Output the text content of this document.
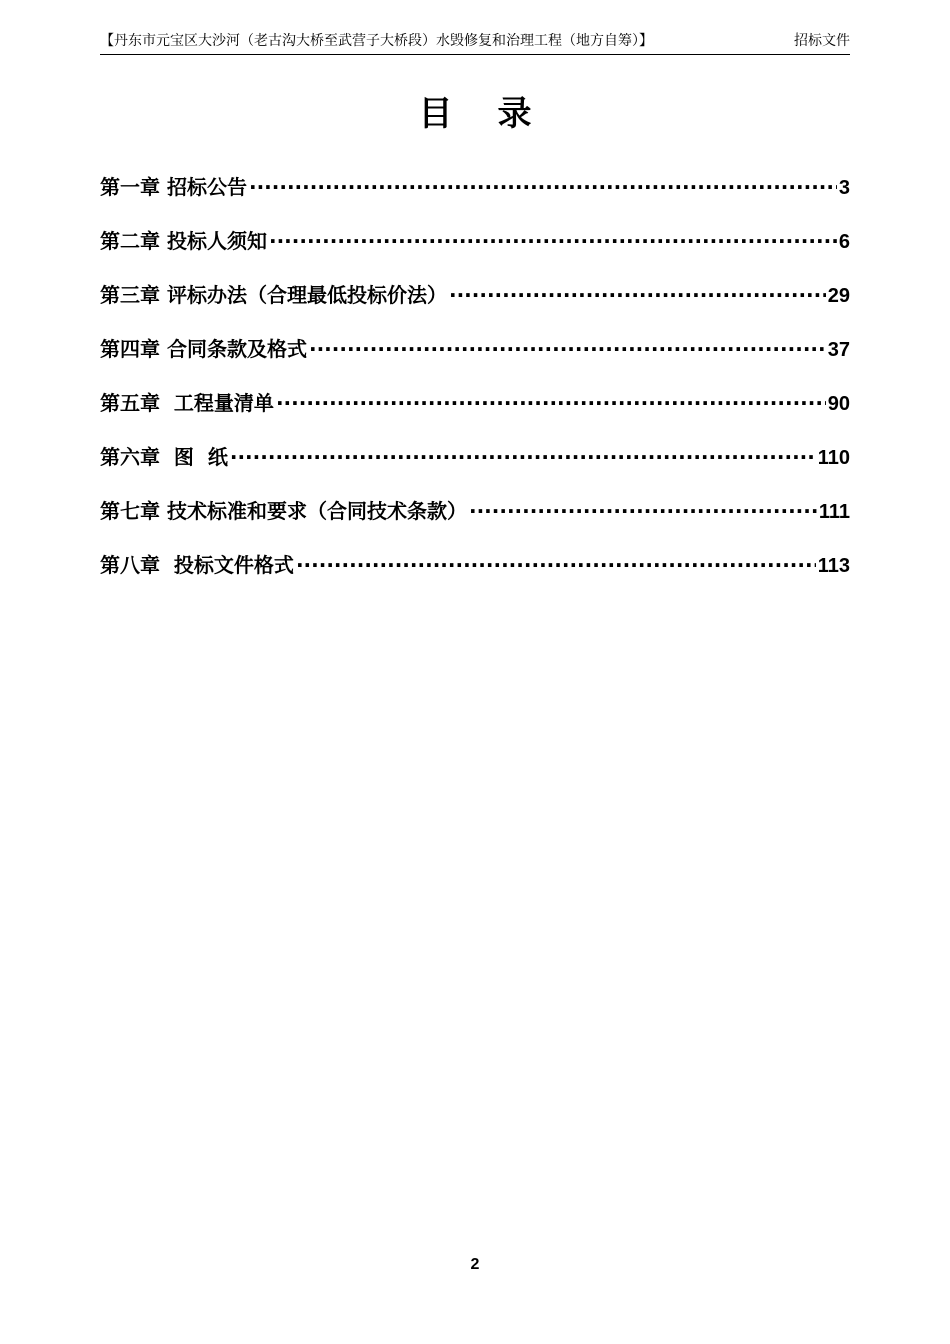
【丹东市元宝区大沙河（老古沟大桥至武营子大桥段）水毁修复和治理工程（地方自筹）】	招标文件
目录
第一章 招标公告 ·····	3
第二章 投标人须知 ·····	6
第三章 评标办法（合理最低投标价法） ·····	29
第四章 合同条款及格式 ·····	37
第五章  工程量清单 ·····	90
第六章  图  纸 ·····	110
第七章 技术标准和要求（合同技术条款） ·····	111
第八章  投标文件格式 ·····	113
2
